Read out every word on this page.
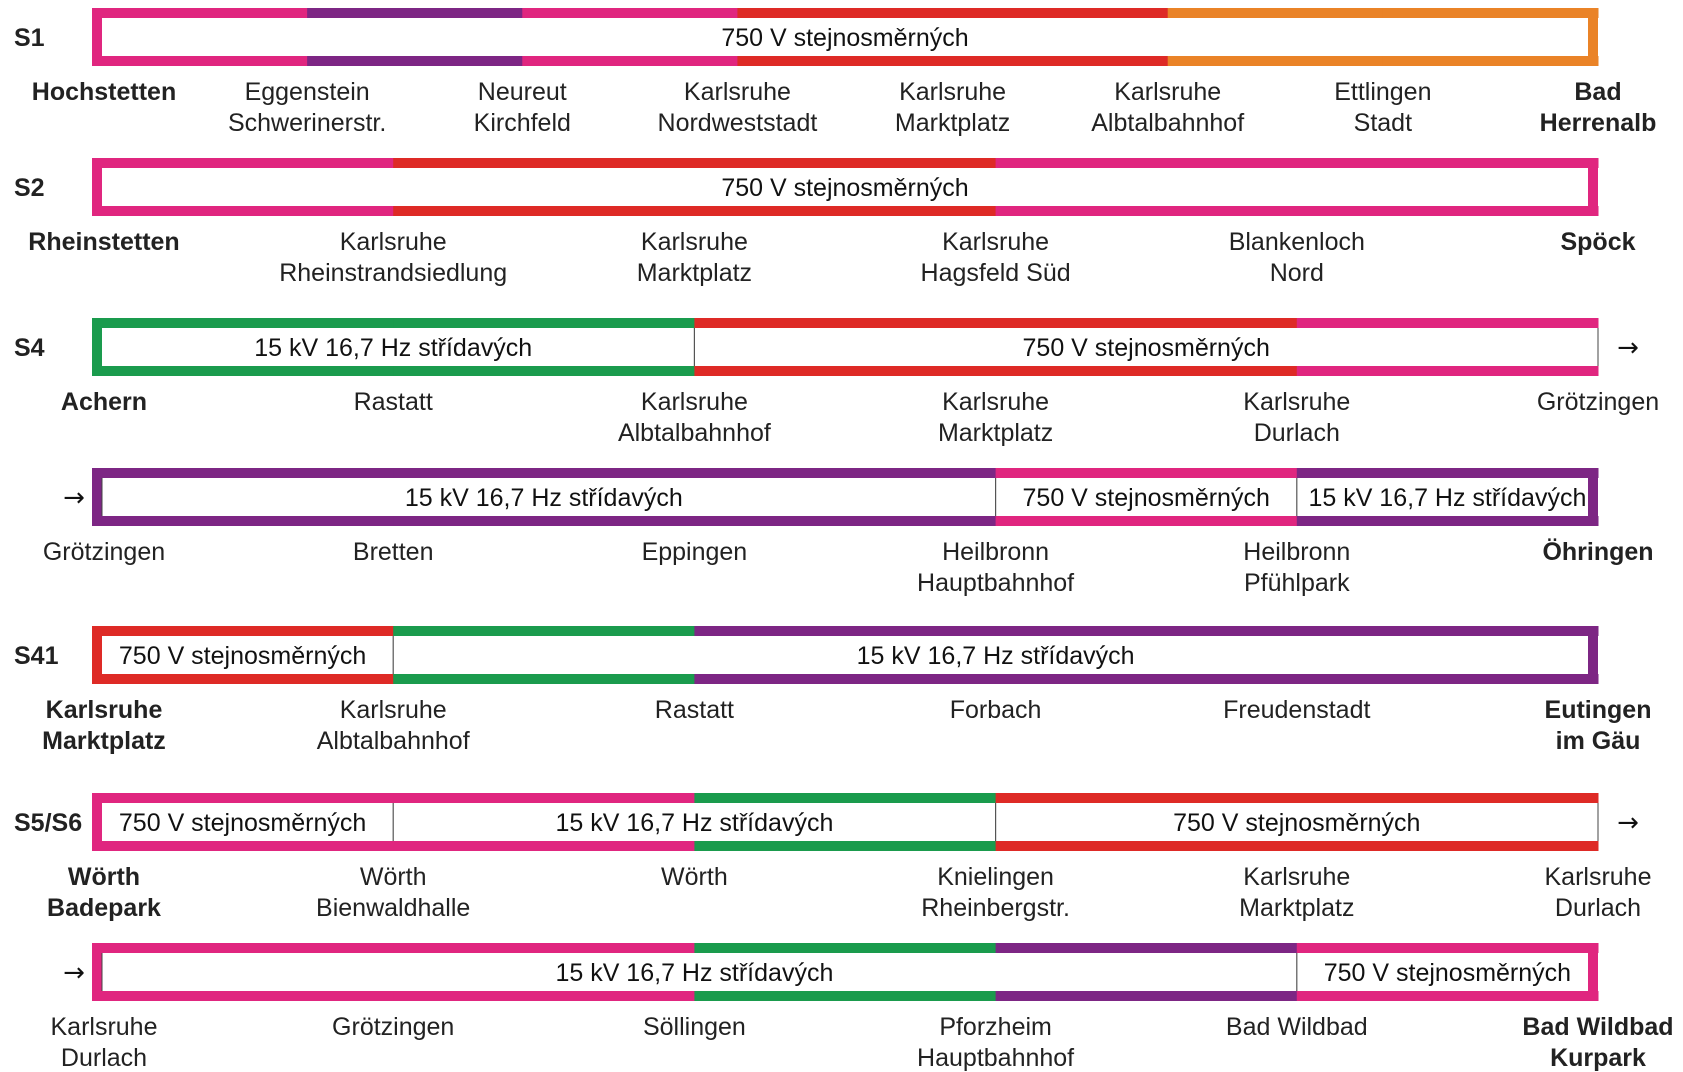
S1	750 V stejnosměrných
Hochstetten	Eggenstein Schwerinerstr.
Neureut Kirchfeld
Karlsruhe Nordweststadt
Karlsruhe Marktplatz
Karlsruhe Albtalbahnhof
Ettlingen Stadt
Bad Herrenalb
S2	750 V stejnosměrných
Rheinstetten	Karlsruhe Rheinstrandsiedlung
Karlsruhe Marktplatz
Karlsruhe Hagsfeld Süd
Blankenloch Nord
Spöck
S4	15 kV 16,7 Hz střídavých	750 V stejnosměrných	→
Achern	Rastatt	Karlsruhe Albtalbahnhof
Karlsruhe Marktplatz
Karlsruhe Durlach
Grötzingen
15 kV 16,7 Hz střídavých	750 V stejnosměrných 15 kV 16,7 Hz střídavých
→
Grötzingen	Bretten	Eppingen	Heilbronn Hauptbahnhof
Heilbronn Pfühlpark
Öhringen
S41 750 V stejnosměrných	15 kV 16,7 Hz střídavých
Karlsruhe Marktplatz
Karlsruhe Albtalbahnhof
Rastatt	Forbach	Freudenstadt	Eutingen im Gäu
S5/S6 750 V stejnosměrných	15 kV 16,7 Hz střídavých	750 V stejnosměrných	→
Wörth Badepark
Wörth Bienwaldhalle
Wörth	Knielingen Rheinbergstr.
Karlsruhe Marktplatz
Karlsruhe Durlach
15 kV 16,7 Hz střídavých	750 V stejnosměrných
→
Karlsruhe Durlach
Grötzingen	Söllingen	Pforzheim Hauptbahnhof
Bad Wildbad	Bad Wildbad Kurpark
